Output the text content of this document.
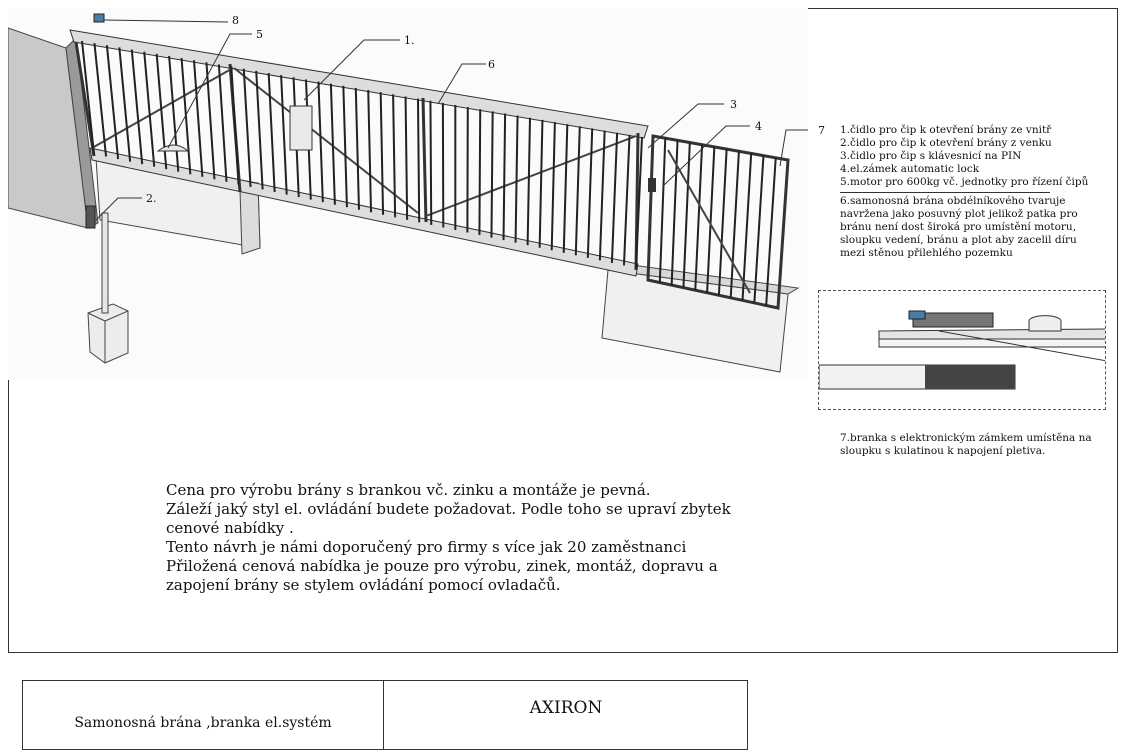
8
5	1.
6
3
4	7
2.
1.čidlo pro čip k otevření brány ze vnitř
2.čidlo pro čip k otevření brány z venku
3.čidlo pro čip s klávesnicí na PIN
4.el.zámek automatic lock
5.motor pro 600kg vč. jednotky pro řízení čipů
6.samonosná brána obdélníkového tvaruje navržena jako posuvný plot jelikož patka pro bránu není dost široká pro umístění motoru, sloupku vedení, bránu a plot aby zacelil díru mezi stěnou přilehlého pozemku
7.branka s elektronickým zámkem umístěna na sloupku s kulatinou k napojení pletiva.
Cena pro výrobu brány s brankou vč. zinku a montáže je pevná.
Záleží jaký styl el. ovládání budete požadovat. Podle toho se upraví zbytek cenové nabídky .
Tento návrh je námi doporučený pro firmy s více jak 20 zaměstnanci
Přiložená cenová nabídka je pouze pro výrobu, zinek, montáž, dopravu a zapojení brány se stylem ovládání pomocí ovladačů.
Samonosná brána ,branka el.systém
AXIRON
